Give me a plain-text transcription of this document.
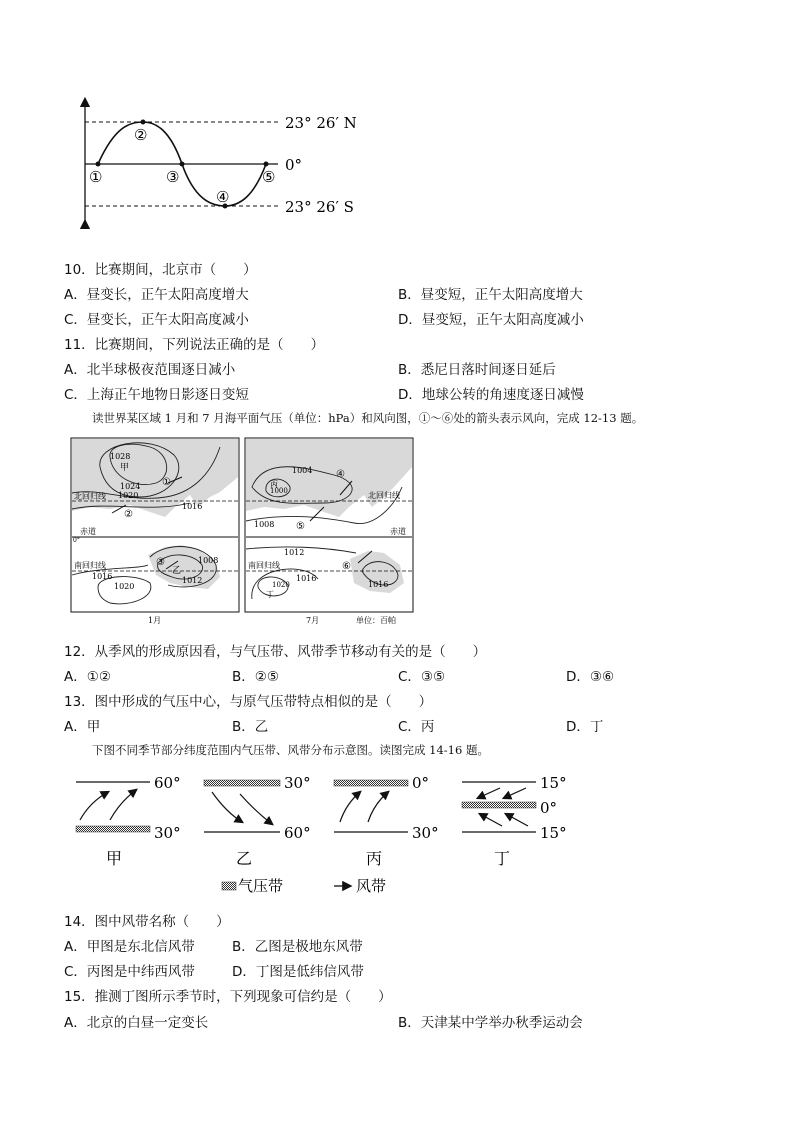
①
②
③
④
⑤
23° 26′ N
0°
23° 26′ S
10．比赛期间，北京市（　　）
A．昼变长，正午太阳高度增大	B．昼变短，正午太阳高度增大
C．昼变长，正午太阳高度减小	D．昼变短，正午太阳高度减小
11．比赛期间，下列说法正确的是（　　）
A．北半球极夜范围逐日减小	B．悉尼日落时间逐日延后
C．上海正午地物日影逐日变短	D．地球公转的角速度逐日减慢
读世界某区域 1 月和 7 月海平面气压（单位：hPa）和风向图，①～⑥处的箭头表示风向，完成 12-13 题。
1028
甲
①
1024
1020
北回归线
1016
②
赤道
0°
③
乙
1008
1012
南回归线
1016
1020
1月
1004 ④
1000
丙
北回归线
1008 ⑤	赤道
1012
⑥
南回归线
1020
1016
丁
1016
7月	单位：百帕
12．从季风的形成原因看，与气压带、风带季节移动有关的是（　　）
A．①②	B．②⑤	C．③⑤	D．③⑥
13．图中形成的气压中心，与原气压带特点相似的是（　　）
A．甲	B．乙	C．丙	D．丁
下图不同季节部分纬度范围内气压带、风带分布示意图。读图完成 14-16 题。
60°
30°
甲
30°
60°
乙
0°
30°
丙
15°
0°
15°
丁
气压带	风带
14．图中风带名称（　　）
A．甲图是东北信风带	B．乙图是极地东风带
C．丙图是中纬西风带	D．丁图是低纬信风带
15．推测丁图所示季节时，下列现象可信约是（　　）
A．北京的白昼一定变长	B．天津某中学举办秋季运动会
